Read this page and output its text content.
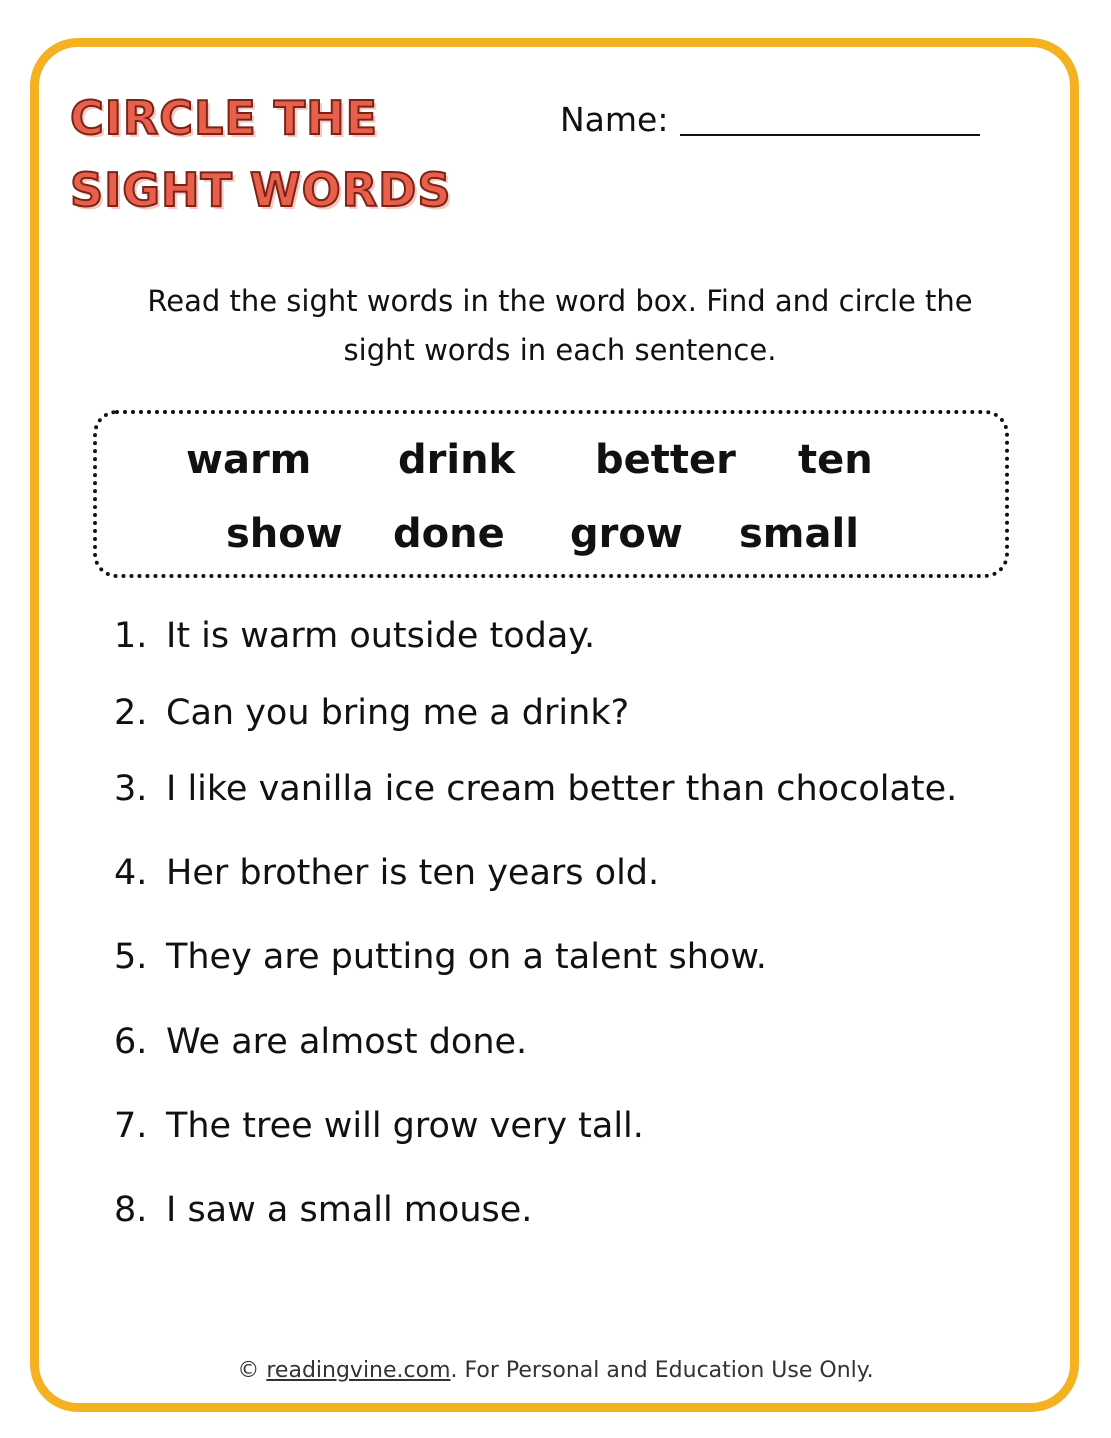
CIRCLE THE
SIGHT WORDS
Name:

Read the sight words in the word box. Find and circle the sight words in each sentence.

warm drink better ten
show done grow small
1. It is warm outside today.
2. Can you bring me a drink?
3. I like vanilla ice cream better than chocolate.
4. Her brother is ten years old.
5. They are putting on a talent show.
6. We are almost done.
7. The tree will grow very tall.
8. I saw a small mouse.
© readingvine.com. For Personal and Education Use Only.
